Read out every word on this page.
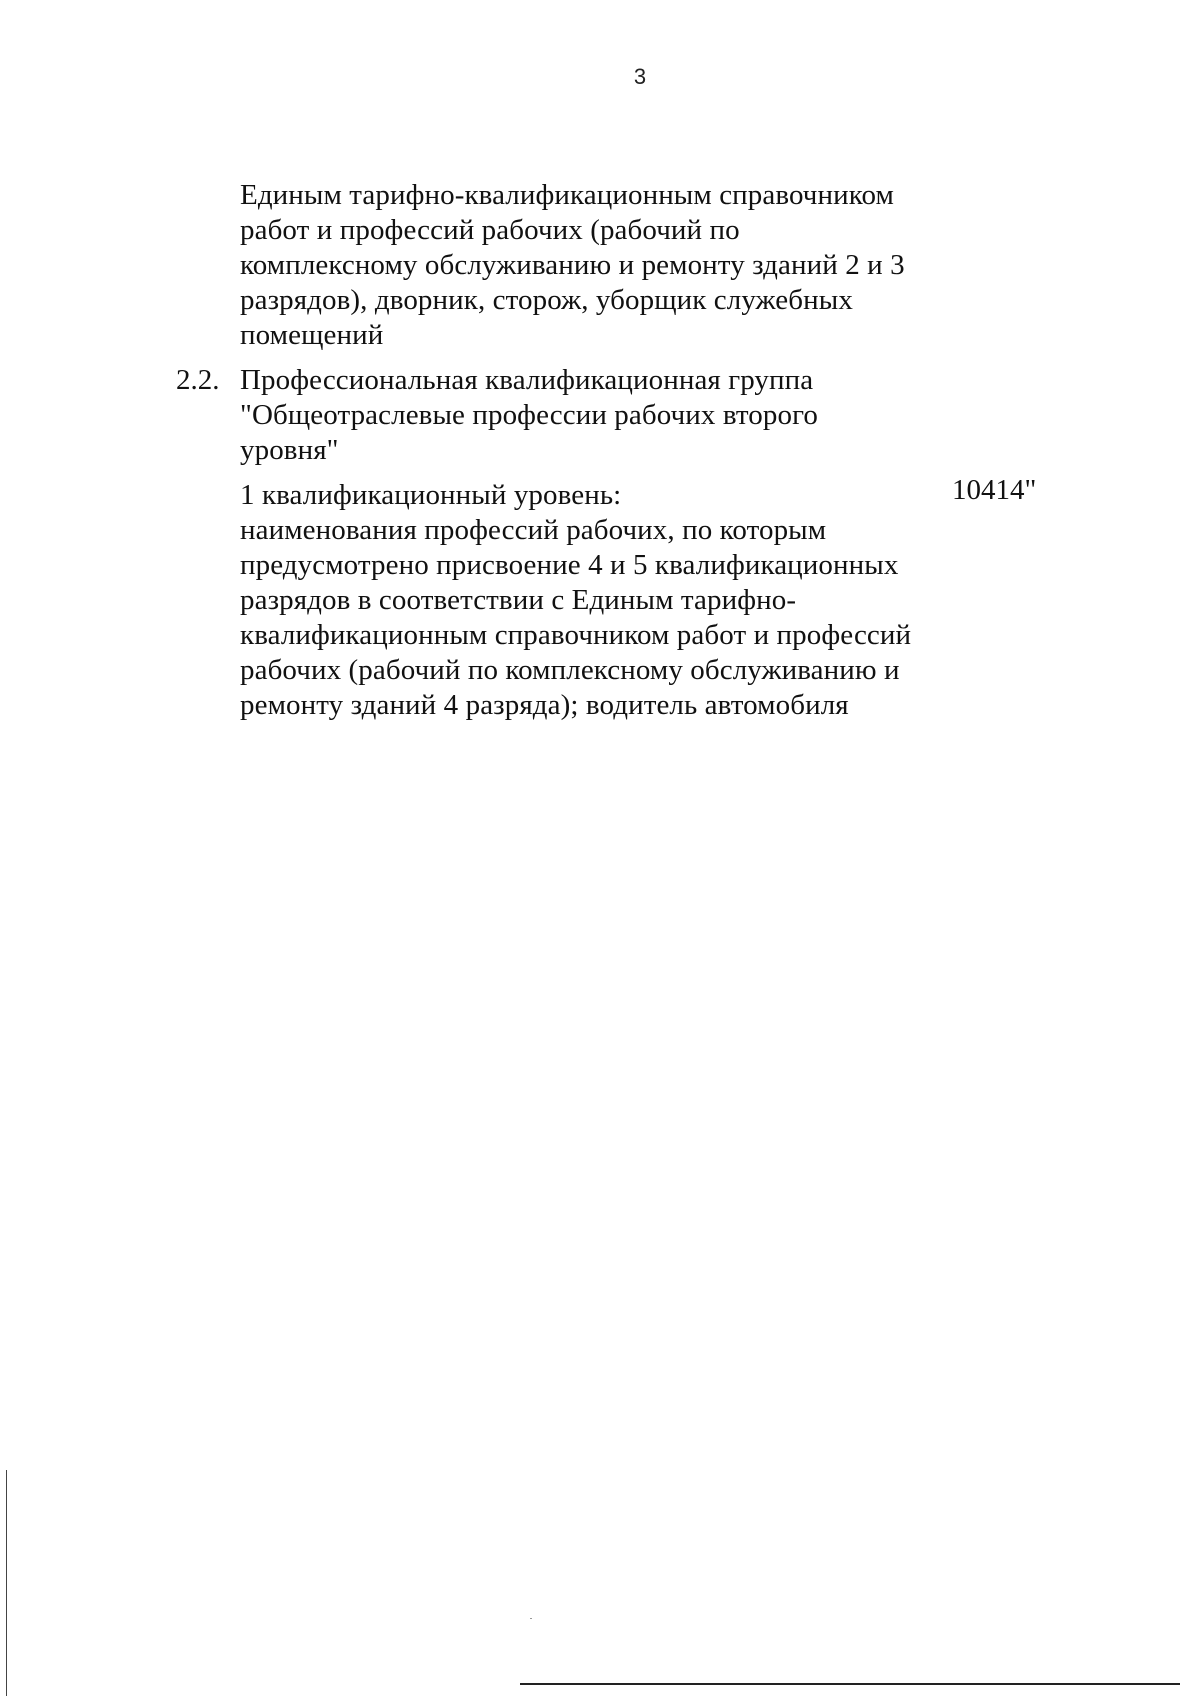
3
Единым тарифно-квалификационным справочником
работ и профессий рабочих (рабочий по
комплексному обслуживанию и ремонту зданий 2 и 3
разрядов), дворник, сторож, уборщик служебных
помещений
2.2. Профессиональная квалификационная группа
"Общеотраслевые профессии рабочих второго
уровня"
1 квалификационный уровень:
наименования профессий рабочих, по которым
предусмотрено присвоение 4 и 5 квалификационных
разрядов в соответствии с Единым тарифно-
квалификационным справочником работ и профессий
рабочих (рабочий по комплексному обслуживанию и
ремонту зданий 4 разряда); водитель автомобиля
10414"
